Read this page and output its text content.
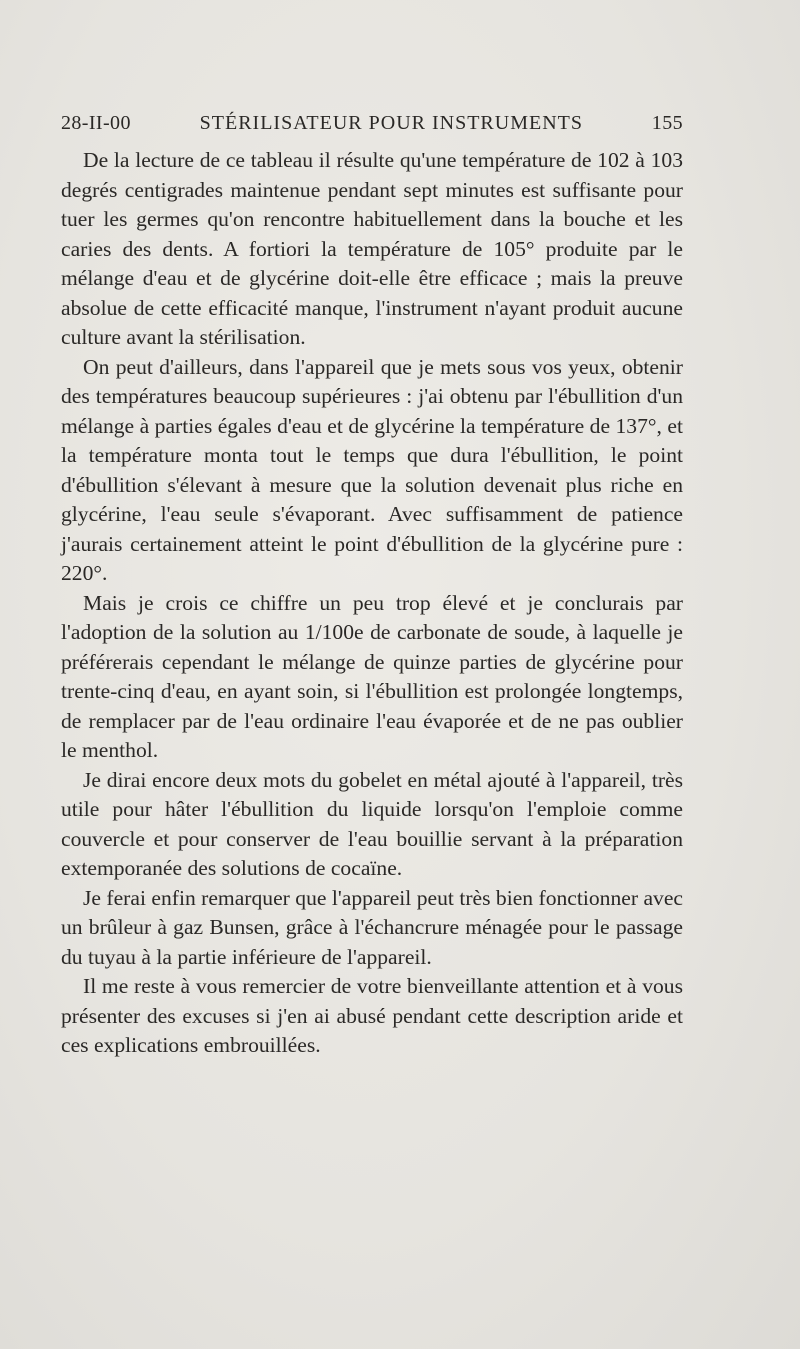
28-II-00	STÉRILISATEUR POUR INSTRUMENTS	155

De la lecture de ce tableau il résulte qu'une température de 102 à 103 degrés centigrades maintenue pendant sept minutes est suffisante pour tuer les germes qu'on rencontre habituellement dans la bouche et les caries des dents. A fortiori la température de 105° produite par le mélange d'eau et de glycérine doit-elle être efficace ; mais la preuve absolue de cette efficacité manque, l'instrument n'ayant produit aucune culture avant la stérilisation.

On peut d'ailleurs, dans l'appareil que je mets sous vos yeux, obtenir des températures beaucoup supérieures : j'ai obtenu par l'ébullition d'un mélange à parties égales d'eau et de glycérine la température de 137°, et la température monta tout le temps que dura l'ébullition, le point d'ébullition s'élevant à mesure que la solution devenait plus riche en glycérine, l'eau seule s'évaporant. Avec suffisamment de patience j'aurais certainement atteint le point d'ébullition de la glycérine pure : 220°.

Mais je crois ce chiffre un peu trop élevé et je conclurais par l'adoption de la solution au 1/100e de carbonate de soude, à laquelle je préférerais cependant le mélange de quinze parties de glycérine pour trente-cinq d'eau, en ayant soin, si l'ébullition est prolongée longtemps, de remplacer par de l'eau ordinaire l'eau évaporée et de ne pas oublier le menthol.

Je dirai encore deux mots du gobelet en métal ajouté à l'appareil, très utile pour hâter l'ébullition du liquide lorsqu'on l'emploie comme couvercle et pour conserver de l'eau bouillie servant à la préparation extemporanée des solutions de cocaïne.

Je ferai enfin remarquer que l'appareil peut très bien fonctionner avec un brûleur à gaz Bunsen, grâce à l'échancrure ménagée pour le passage du tuyau à la partie inférieure de l'appareil.

Il me reste à vous remercier de votre bienveillante attention et à vous présenter des excuses si j'en ai abusé pendant cette description aride et ces explications embrouillées.
